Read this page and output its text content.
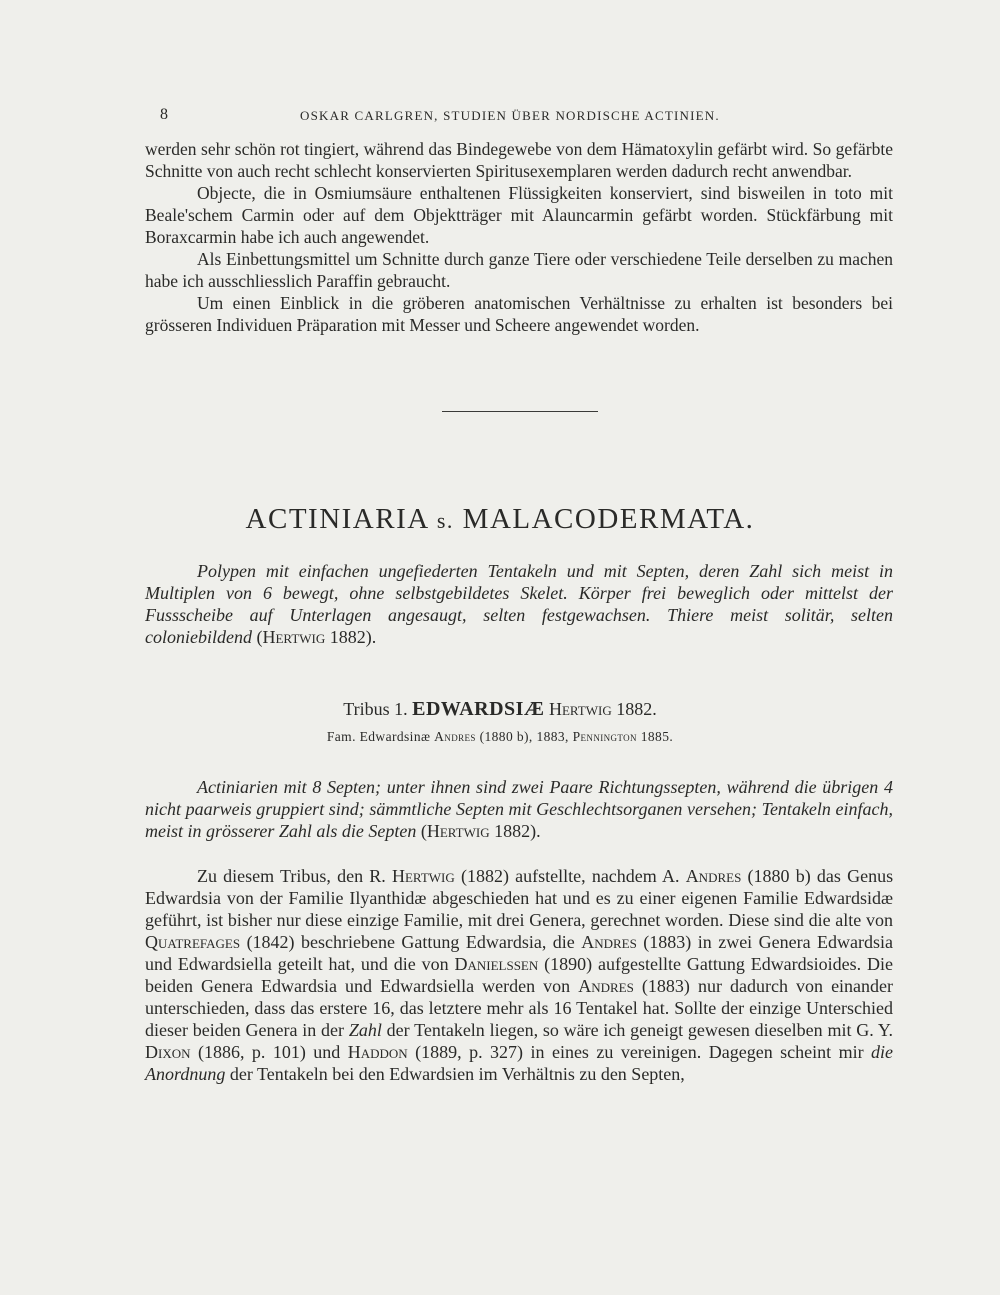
8	OSKAR CARLGREN, STUDIEN ÜBER NORDISCHE ACTINIEN.

werden sehr schön rot tingiert, während das Bindegewebe von dem Hämatoxylin gefärbt wird. So gefärbte Schnitte von auch recht schlecht konservierten Spiritusexemplaren werden dadurch recht anwendbar.

Objecte, die in Osmiumsäure enthaltenen Flüssigkeiten konserviert, sind bisweilen in toto mit Beale'schem Carmin oder auf dem Objektträger mit Alauncarmin gefärbt worden. Stückfärbung mit Boraxcarmin habe ich auch angewendet.

Als Einbettungsmittel um Schnitte durch ganze Tiere oder verschiedene Teile derselben zu machen habe ich ausschliesslich Paraffin gebraucht.

Um einen Einblick in die gröberen anatomischen Verhältnisse zu erhalten ist besonders bei grösseren Individuen Präparation mit Messer und Scheere angewendet worden.

ACTINIARIA s. MALACODERMATA.

Polypen mit einfachen ungefiederten Tentakeln und mit Septen, deren Zahl sich meist in Multiplen von 6 bewegt, ohne selbstgebildetes Skelet. Körper frei beweglich oder mittelst der Fussscheibe auf Unterlagen angesaugt, selten festgewachsen. Thiere meist solitär, selten coloniebildend (Hertwig 1882).

Tribus 1. EDWARDSIÆ Hertwig 1882.
Fam. Edwardsinæ Andres (1880 b), 1883, Pennington 1885.

Actiniarien mit 8 Septen; unter ihnen sind zwei Paare Richtungssepten, während die übrigen 4 nicht paarweis gruppiert sind; sämmtliche Septen mit Geschlechtsorganen versehen; Tentakeln einfach, meist in grösserer Zahl als die Septen (Hertwig 1882).

Zu diesem Tribus, den R. Hertwig (1882) aufstellte, nachdem A. Andres (1880 b) das Genus Edwardsia von der Familie Ilyanthidæ abgeschieden hat und es zu einer eigenen Familie Edwardsidæ geführt, ist bisher nur diese einzige Familie, mit drei Genera, gerechnet worden. Diese sind die alte von Quatrefages (1842) beschriebene Gattung Edwardsia, die Andres (1883) in zwei Genera Edwardsia und Edwardsiella geteilt hat, und die von Danielssen (1890) aufgestellte Gattung Edwardsioides. Die beiden Genera Edwardsia und Edwardsiella werden von Andres (1883) nur dadurch von einander unterschieden, dass das erstere 16, das letztere mehr als 16 Tentakel hat. Sollte der einzige Unterschied dieser beiden Genera in der Zahl der Tentakeln liegen, so wäre ich geneigt gewesen dieselben mit G. Y. Dixon (1886, p. 101) und Haddon (1889, p. 327) in eines zu vereinigen. Dagegen scheint mir die Anordnung der Tentakeln bei den Edwardsien im Verhältnis zu den Septen,
